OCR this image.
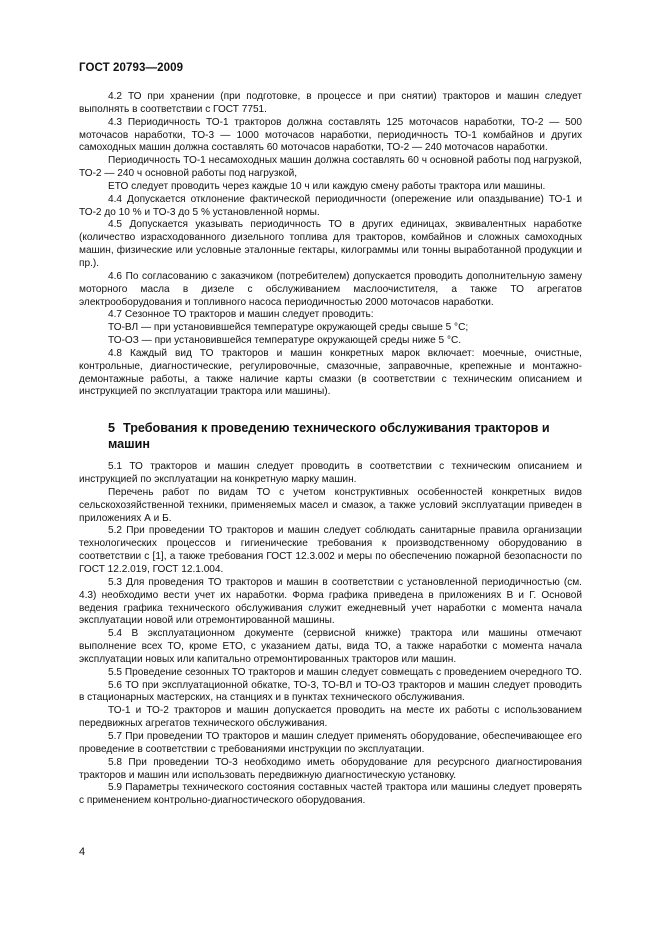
ГОСТ 20793—2009

4.2 ТО при хранении (при подготовке, в процессе и при снятии) тракторов и машин следует выполнять в соответствии с ГОСТ 7751.

4.3 Периодичность ТО-1 тракторов должна составлять 125 моточасов наработки, ТО-2 — 500 моточасов наработки, ТО-3 — 1000 моточасов наработки, периодичность ТО-1 комбайнов и других самоходных машин должна составлять 60 моточасов наработки, ТО-2 — 240 моточасов наработки.

Периодичность ТО-1 несамоходных машин должна составлять 60 ч основной работы под нагрузкой, ТО-2 — 240 ч основной работы под нагрузкой,

ЕТО следует проводить через каждые 10 ч или каждую смену работы трактора или машины.

4.4 Допускается отклонение фактической периодичности (опережение или опаздывание) ТО-1 и ТО-2 до 10 % и ТО-3 до 5 % установленной нормы.

4.5 Допускается указывать периодичность ТО в других единицах, эквивалентных наработке (количество израсходованного дизельного топлива для тракторов, комбайнов и сложных самоходных машин, физические или условные эталонные гектары, килограммы или тонны выработанной продукции и пр.).

4.6 По согласованию с заказчиком (потребителем) допускается проводить дополнительную замену моторного масла в дизеле с обслуживанием маслоочистителя, а также ТО агрегатов электрооборудования и топливного насоса периодичностью 2000 моточасов наработки.

4.7 Сезонное ТО тракторов и машин следует проводить:

ТО-ВЛ — при установившейся температуре окружающей среды свыше 5 °С;

ТО-ОЗ — при установившейся температуре окружающей среды ниже 5 °С.

4.8 Каждый вид ТО тракторов и машин конкретных марок включает: моечные, очистные, контрольные, диагностические, регулировочные, смазочные, заправочные, крепежные и монтажно-демонтажные работы, а также наличие карты смазки (в соответствии с техническим описанием и инструкцией по эксплуатации трактора или машины).

5 Требования к проведению технического обслуживания тракторов и машин

5.1 ТО тракторов и машин следует проводить в соответствии с техническим описанием и инструкцией по эксплуатации на конкретную марку машин.

Перечень работ по видам ТО с учетом конструктивных особенностей конкретных видов сельскохозяйственной техники, применяемых масел и смазок, а также условий эксплуатации приведен в приложениях А и Б.

5.2 При проведении ТО тракторов и машин следует соблюдать санитарные правила организации технологических процессов и гигиенические требования к производственному оборудованию в соответствии с [1], а также требования ГОСТ 12.3.002 и меры по обеспечению пожарной безопасности по ГОСТ 12.2.019, ГОСТ 12.1.004.

5.3 Для проведения ТО тракторов и машин в соответствии с установленной периодичностью (см. 4.3) необходимо вести учет их наработки. Форма графика приведена в приложениях В и Г. Основой ведения графика технического обслуживания служит ежедневный учет наработки с момента начала эксплуатации новой или отремонтированной машины.

5.4 В эксплуатационном документе (сервисной книжке) трактора или машины отмечают выполнение всех ТО, кроме ЕТО, с указанием даты, вида ТО, а также наработки с момента начала эксплуатации новых или капитально отремонтированных тракторов или машин.

5.5 Проведение сезонных ТО тракторов и машин следует совмещать с проведением очередного ТО.

5.6 ТО при эксплуатационной обкатке, ТО-3, ТО-ВЛ и ТО-ОЗ тракторов и машин следует проводить в стационарных мастерских, на станциях и в пунктах технического обслуживания.

ТО-1 и ТО-2 тракторов и машин допускается проводить на месте их работы с использованием передвижных агрегатов технического обслуживания.

5.7 При проведении ТО тракторов и машин следует применять оборудование, обеспечивающее его проведение в соответствии с требованиями инструкции по эксплуатации.

5.8 При проведении ТО-3 необходимо иметь оборудование для ресурсного диагностирования тракторов и машин или использовать передвижную диагностическую установку.

5.9 Параметры технического состояния составных частей трактора или машины следует проверять с применением контрольно-диагностического оборудования.

4
